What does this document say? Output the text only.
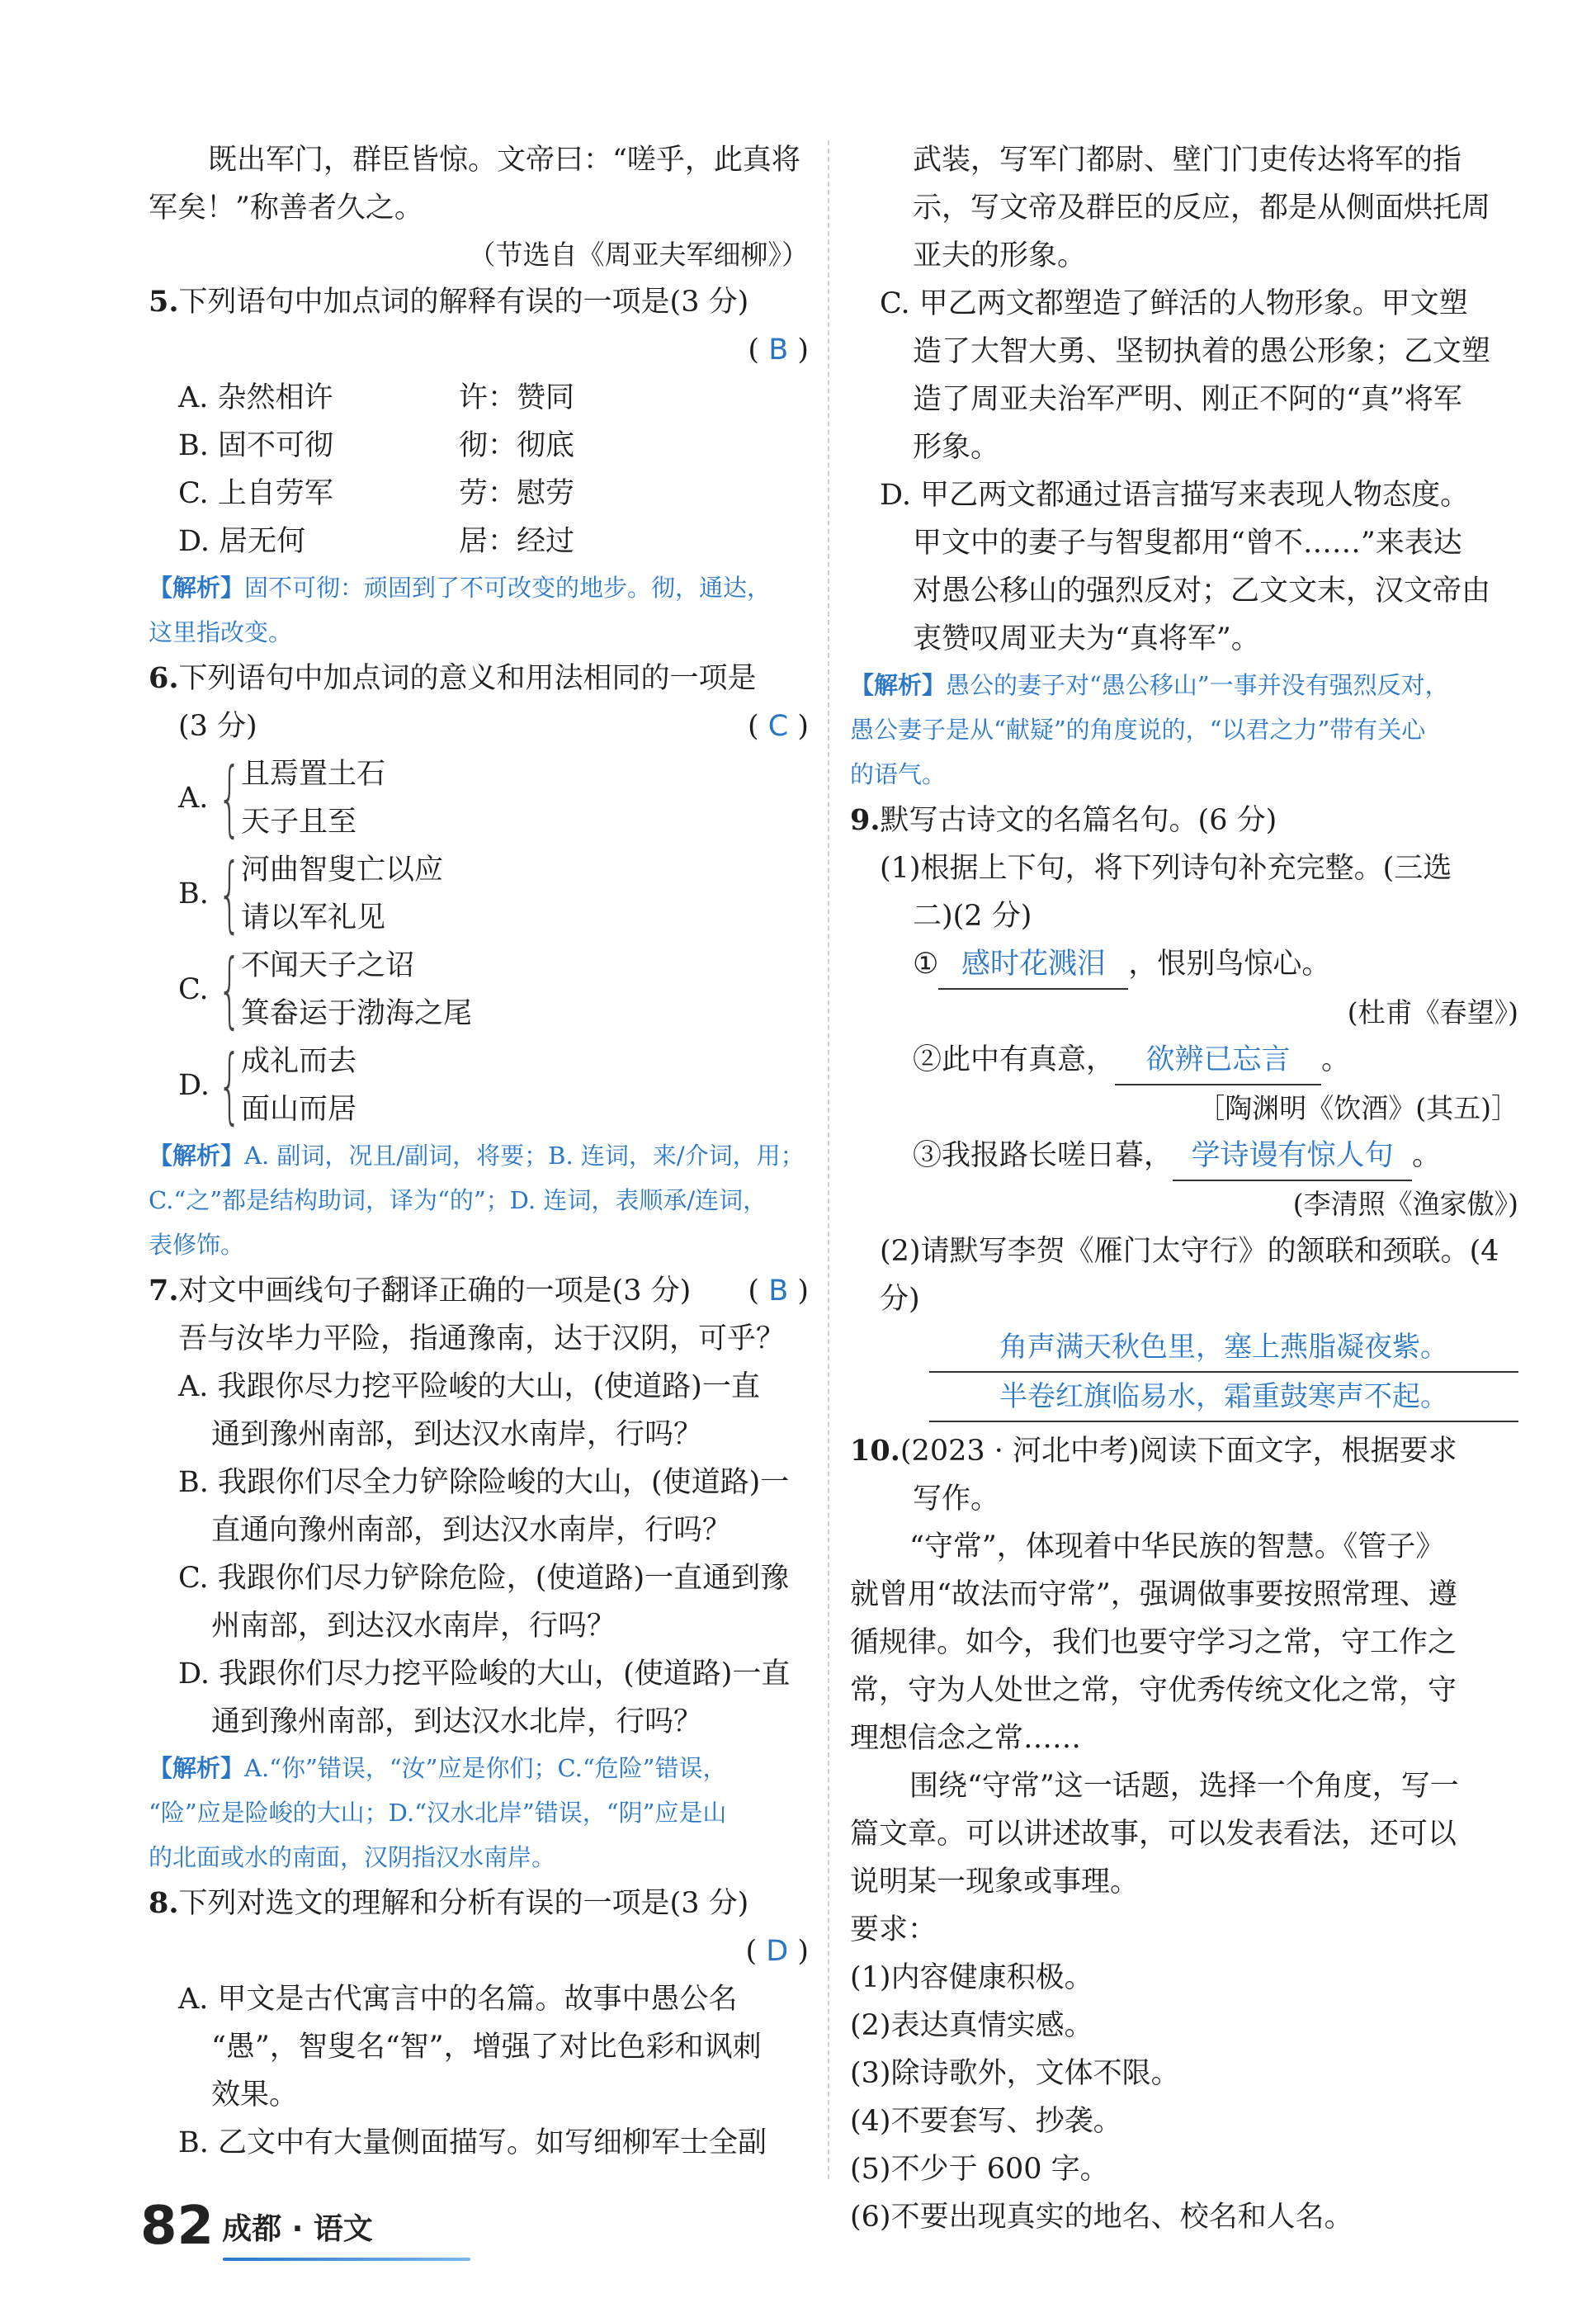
既出军门，群臣皆惊。文帝曰：“嗟乎，此真将

军矣！”称善者久之。

（节选自《周亚夫军细柳》）

5.下列语句中加点词的解释有误的一项是(3 分)

( B )

A. 杂然相许	许：赞同
B. 固不可彻	彻：彻底
C. 上自劳军	劳：慰劳
D. 居无何	居：经过

【解析】固不可彻：顽固到了不可改变的地步。彻，通达，

这里指改变。

6.下列语句中加点词的意义和用法相同的一项是

(3 分)	( C )

A. { 且焉置土石
天子且至
B. { 河曲智叟亡以应
请以军礼见
C. { 不闻天子之诏
箕畚运于渤海之尾
D. { 成礼而去
面山而居

【解析】A. 副词，况且/副词，将要；B. 连词，来/介词，用；

C.“之”都是结构助词，译为“的”；D. 连词，表顺承/连词，

表修饰。

7.对文中画线句子翻译正确的一项是(3 分) ( B )

吾与汝毕力平险，指通豫南，达于汉阴，可乎？

A. 我跟你尽力挖平险峻的大山，(使道路)一直

通到豫州南部，到达汉水南岸，行吗？

B. 我跟你们尽全力铲除险峻的大山，(使道路)一

直通向豫州南部，到达汉水南岸，行吗？

C. 我跟你们尽力铲除危险，(使道路)一直通到豫

州南部，到达汉水南岸，行吗？

D. 我跟你们尽力挖平险峻的大山，(使道路)一直

通到豫州南部，到达汉水北岸，行吗？

【解析】A.“你”错误，“汝”应是你们；C.“危险”错误，

“险”应是险峻的大山；D.“汉水北岸”错误，“阴”应是山

的北面或水的南面，汉阴指汉水南岸。

8.下列对选文的理解和分析有误的一项是(3 分)

( D )

A. 甲文是古代寓言中的名篇。故事中愚公名

“愚”，智叟名“智”，增强了对比色彩和讽刺

效果。

B. 乙文中有大量侧面描写。如写细柳军士全副

武装，写军门都尉、壁门门吏传达将军的指

示，写文帝及群臣的反应，都是从侧面烘托周

亚夫的形象。

C. 甲乙两文都塑造了鲜活的人物形象。甲文塑

造了大智大勇、坚韧执着的愚公形象；乙文塑

造了周亚夫治军严明、刚正不阿的“真”将军

形象。

D. 甲乙两文都通过语言描写来表现人物态度。

甲文中的妻子与智叟都用“曾不……”来表达

对愚公移山的强烈反对；乙文文末，汉文帝由

衷赞叹周亚夫为“真将军”。

【解析】愚公的妻子对“愚公移山”一事并没有强烈反对，

愚公妻子是从“献疑”的角度说的，“以君之力”带有关心

的语气。

9.默写古诗文的名篇名句。(6 分)

(1)根据上下句，将下列诗句补充完整。(三选

二)(2 分)

① 感时花溅泪 ，恨别鸟惊心。

(杜甫《春望》)

②此中有真意， 欲辨已忘言 。

［陶渊明《饮酒》(其五)］

③我报路长嗟日暮， 学诗谩有惊人句 。

(李清照《渔家傲》)

(2)请默写李贺《雁门太守行》的颔联和颈联。(4 分)

角声满天秋色里，塞上燕脂凝夜紫。
半卷红旗临易水，霜重鼓寒声不起。

10.(2023 · 河北中考)阅读下面文字，根据要求

写作。

“守常”，体现着中华民族的智慧。《管子》

就曾用“故法而守常”，强调做事要按照常理、遵

循规律。如今，我们也要守学习之常，守工作之

常，守为人处世之常，守优秀传统文化之常，守

理想信念之常……

围绕“守常”这一话题，选择一个角度，写一

篇文章。可以讲述故事，可以发表看法，还可以

说明某一现象或事理。

要求：

(1)内容健康积极。

(2)表达真情实感。

(3)除诗歌外，文体不限。

(4)不要套写、抄袭。

(5)不少于 600 字。

(6)不要出现真实的地名、校名和人名。

82 成都 · 语文
